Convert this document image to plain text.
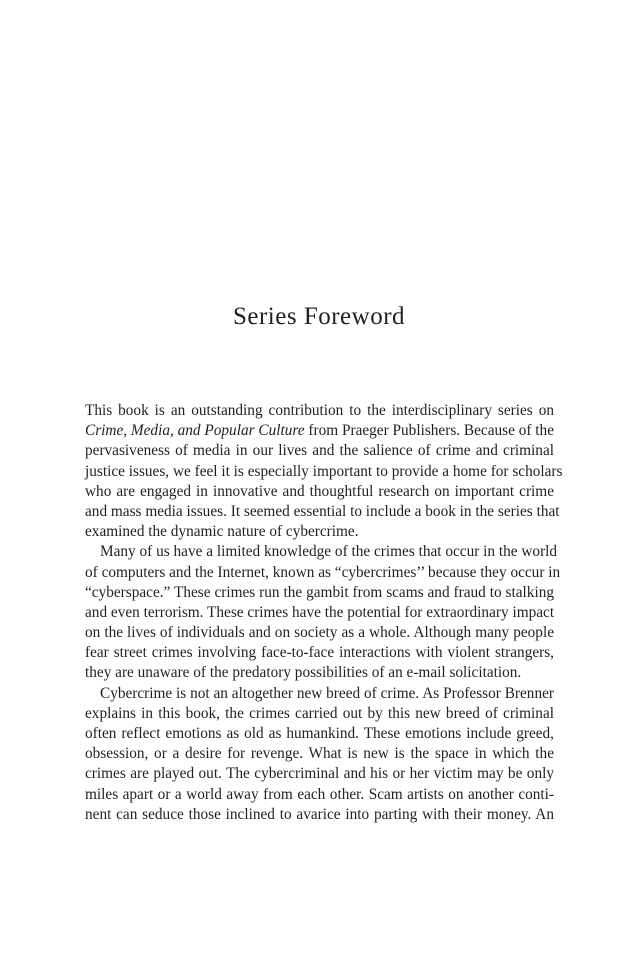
Series Foreword
This book is an outstanding contribution to the interdisciplinary series on
Crime, Media, and Popular Culture from Praeger Publishers. Because of the
pervasiveness of media in our lives and the salience of crime and criminal
justice issues, we feel it is especially important to provide a home for scholars
who are engaged in innovative and thoughtful research on important crime
and mass media issues. It seemed essential to include a book in the series that
examined the dynamic nature of cybercrime.
Many of us have a limited knowledge of the crimes that occur in the world
of computers and the Internet, known as “cybercrimes’’ because they occur in
“cyberspace.” These crimes run the gambit from scams and fraud to stalking
and even terrorism. These crimes have the potential for extraordinary impact
on the lives of individuals and on society as a whole. Although many people
fear street crimes involving face-to-face interactions with violent strangers,
they are unaware of the predatory possibilities of an e-mail solicitation.
Cybercrime is not an altogether new breed of crime. As Professor Brenner
explains in this book, the crimes carried out by this new breed of criminal
often reflect emotions as old as humankind. These emotions include greed,
obsession, or a desire for revenge. What is new is the space in which the
crimes are played out. The cybercriminal and his or her victim may be only
miles apart or a world away from each other. Scam artists on another conti-
nent can seduce those inclined to avarice into parting with their money. An
